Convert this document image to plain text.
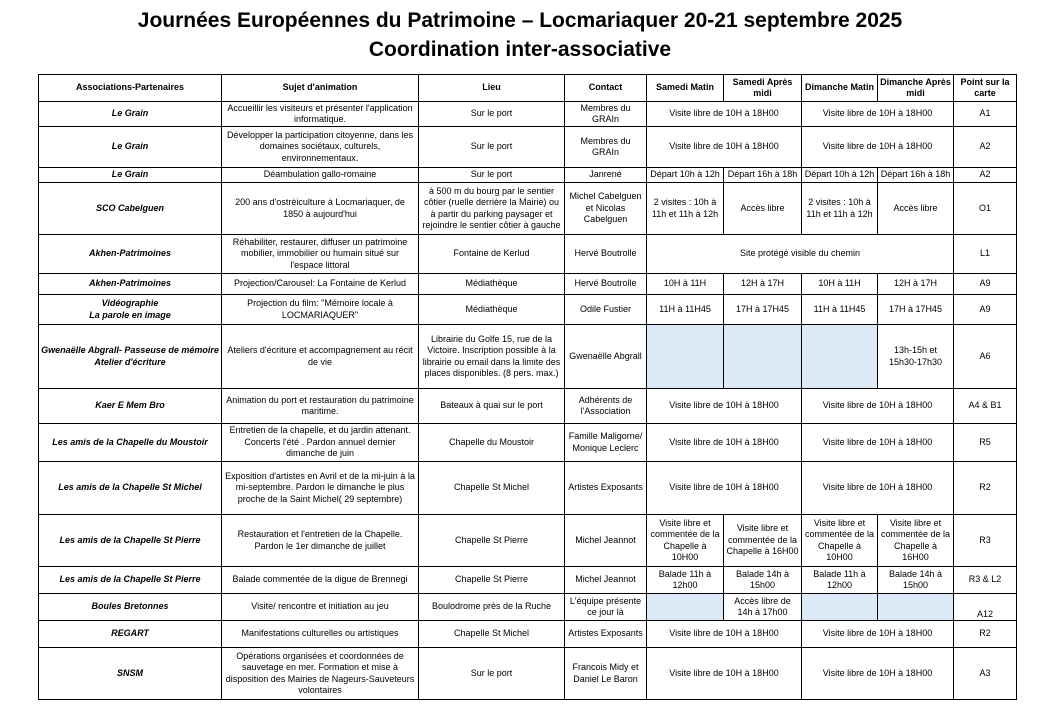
Journées Européennes du Patrimoine – Locmariaquer 20-21 septembre 2025
Coordination inter-associative
Associations-Partenaires	Sujet d'animation	Lieu	Contact	Samedi Matin	Samedi Après midi	Dimanche Matin	Dimanche Après midi	Point sur la carte
Le Grain	Accueillir les visiteurs et présenter l'application informatique.	Sur le port	Membres du GRAIn	Visite libre de 10H à 18H00		Visite libre de 10H à 18H00		A1
Le Grain	Développer la participation citoyenne, dans les domaines sociétaux, culturels, environnementaux.	Sur le port	Membres du GRAIn	Visite libre de 10H à 18H00		Visite libre de 10H à 18H00		A2
Le Grain	Déambulation gallo-romaine	Sur le port	Janrené	Départ 10h à 12h	Départ 16h à 18h	Départ 10h à 12h	Départ 16h à 18h	A2
SCO Cabelguen	200 ans d'ostréiculture à Locmariaquer, de 1850 à aujourd'hui	à 500 m du bourg par le sentier côtier (ruelle derrière la Mairie) ou à partir du parking paysager et rejoindre le sentier côtier à gauche	Michel Cabelguen et Nicolas Cabelguen	2 visites : 10h à 11h et 11h à 12h	Accès libre	2 visites : 10h à 11h et 11h à 12h	Accès libre	O1
Akhen-Patrimoines	Réhabiliter, restaurer, diffuser un patrimoine mobilier, immobilier ou humain situé sur l'espace littoral	Fontaine de Kerlud	Hervé Boutrolle	Site protégé visible du chemin				L1
Akhen-Patrimoines	Projection/Carousel: La Fontaine de Kerlud	Médiathèque	Hervé Boutrolle	10H à 11H	12H à 17H	10H à 11H	12H à 17H	A9

Vidéographie
La parole en image	Projection du film: "Mémoire locale à LOCMARIAQUER"	Médiathèque	Odile Fustier	11H à 11H45	17H à 17H45	11H à 11H45	17H à 17H45	A9

Gwenaëlle Abgrall- Passeuse de mémoire
Atelier d'écriture	Ateliers d'écriture et accompagnement au récit de vie	Librairie du Golfe 15, rue de la Victoire. Inscription possible à la librairie ou email dans la limite des places disponibles. (8 pers. max.)	Gwenaëlle Abgrall				13h-15h et 15h30-17h30	A6
Kaer E Mem Bro	Animation du port et restauration du patrimoine maritime.	Bateaux à quai sur le port	Adhérents de l'Association	Visite libre de 10H à 18H00		Visite libre de 10H à 18H00		A4 & B1
Les amis de la Chapelle du Moustoir	Entretien de la chapelle, et du jardin attenant. Concerts l'été . Pardon annuel dernier dimanche de juin	Chapelle du Moustoir	Famille Maligorne/ Monique Leclerc	Visite libre de 10H à 18H00		Visite libre de 10H à 18H00		R5
Les amis de la Chapelle St Michel	Exposition d'artistes en Avril et de la mi-juin à la mi-septembre. Pardon le dimanche le plus proche de la Saint Michel( 29 septembre)	Chapelle St Michel	Artistes Exposants	Visite libre de 10H à 18H00		Visite libre de 10H à 18H00		R2
Les amis de la Chapelle St Pierre	Restauration et l'entretien de la Chapelle. Pardon le 1er dimanche de juillet	Chapelle St Pierre	Michel Jeannot	Visite libre et commentée de la Chapelle à 10H00	Visite libre et commentée de la Chapelle à 16H00	Visite libre et commentée de la Chapelle à 10H00	Visite libre et commentée de la Chapelle à 16H00	R3
Les amis de la Chapelle St Pierre	Balade commentée de la digue de Brennegi	Chapelle St Pierre	Michel Jeannot	Balade 11h à 12h00	Balade 14h à 15h00	Balade 11h à 12h00	Balade 14h à 15h00	R3 & L2
Boules Bretonnes	Visite/ rencontre et initiation au jeu	Boulodrome près de la Ruche	L'équipe présente ce jour là		Accès libre de 14h à 17h00			A12
REGART	Manifestations culturelles ou artistiques	Chapelle St Michel	Artistes Exposants	Visite libre de 10H à 18H00		Visite libre de 10H à 18H00		R2
SNSM	Opérations organisées et coordonnées de sauvetage en mer. Formation et mise à disposition des Mairies de Nageurs-Sauveteurs volontaires	Sur le port	Francois Midy et Daniel Le Baron	Visite libre de 10H à 18H00		Visite libre de 10H à 18H00		A3
